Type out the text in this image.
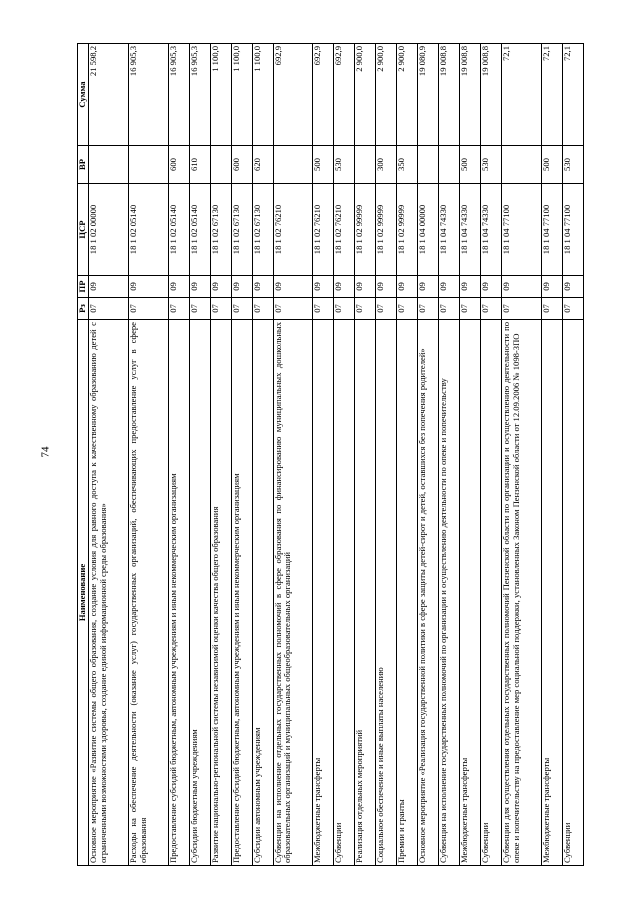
74
Наименование	Рз	ПР	ЦСР	ВР	Сумма
Основное мероприятие «Развитие системы общего образования, создание условия для равного доступа к качественному образованию детей с ограниченными возможностями здоровья, создание единой информационной среды образования»	07	09	18 1 02 00000		21 598,2
Расходы на обеспечение деятельности (оказание услуг) государственных организаций, обеспечивающих предоставление услуг в сфере образования	07	09	18 1 02 05140		16 905,3
Предоставление субсидий бюджетным, автономным учреждениям и иным некоммерческим организациям	07	09	18 1 02 05140	600	16 905,3
Субсидии бюджетным учреждениям	07	09	18 1 02 05140	610	16 905,3
Развитие национально-региональной системы независимой оценки качества общего образования	07	09	18 1 02 67130		1 100,0
Предоставление субсидий бюджетным, автономным учреждениям и иным некоммерческим организациям	07	09	18 1 02 67130	600	1 100,0
Субсидии автономным учреждениям	07	09	18 1 02 67130	620	1 100,0
Субвенции на исполнение отдельных государственных полномочий в сфере образования по финансированию муниципальных дошкольных образовательных организаций и муниципальных общеобразовательных организаций	07	09	18 1 02 76210		692,9
Межбюджетные трансферты	07	09	18 1 02 76210	500	692,9
Субвенции	07	09	18 1 02 76210	530	692,9
Реализация отдельных мероприятий	07	09	18 1 02 99999		2 900,0
Социальное обеспечение и иные выплаты населению	07	09	18 1 02 99999	300	2 900,0
Премии и гранты	07	09	18 1 02 99999	350	2 900,0
Основное мероприятие «Реализация государственной политики в сфере защиты детей-сирот и детей, оставшихся без попечения родителей»	07	09	18 1 04 00000		19 080,9
Субвенция на исполнение государственных полномочий по организации и осуществлению деятельности по опеке и попечительству	07	09	18 1 04 74330		19 008,8
Межбюджетные трансферты	07	09	18 1 04 74330	500	19 008,8
Субвенции	07	09	18 1 04 74330	530	19 008,8
Субвенции для осуществления отдельных государственных полномочий Пензенской области по организации и осуществлению деятельности по опеке и попечительству на предоставление мер социальной поддержки, установленных Законом Пензенской области от 12.09.2006 № 1098-ЗПО	07	09	18 1 04 77100		72,1
Межбюджетные трансферты	07	09	18 1 04 77100	500	72,1
Субвенции	07	09	18 1 04 77100	530	72,1
